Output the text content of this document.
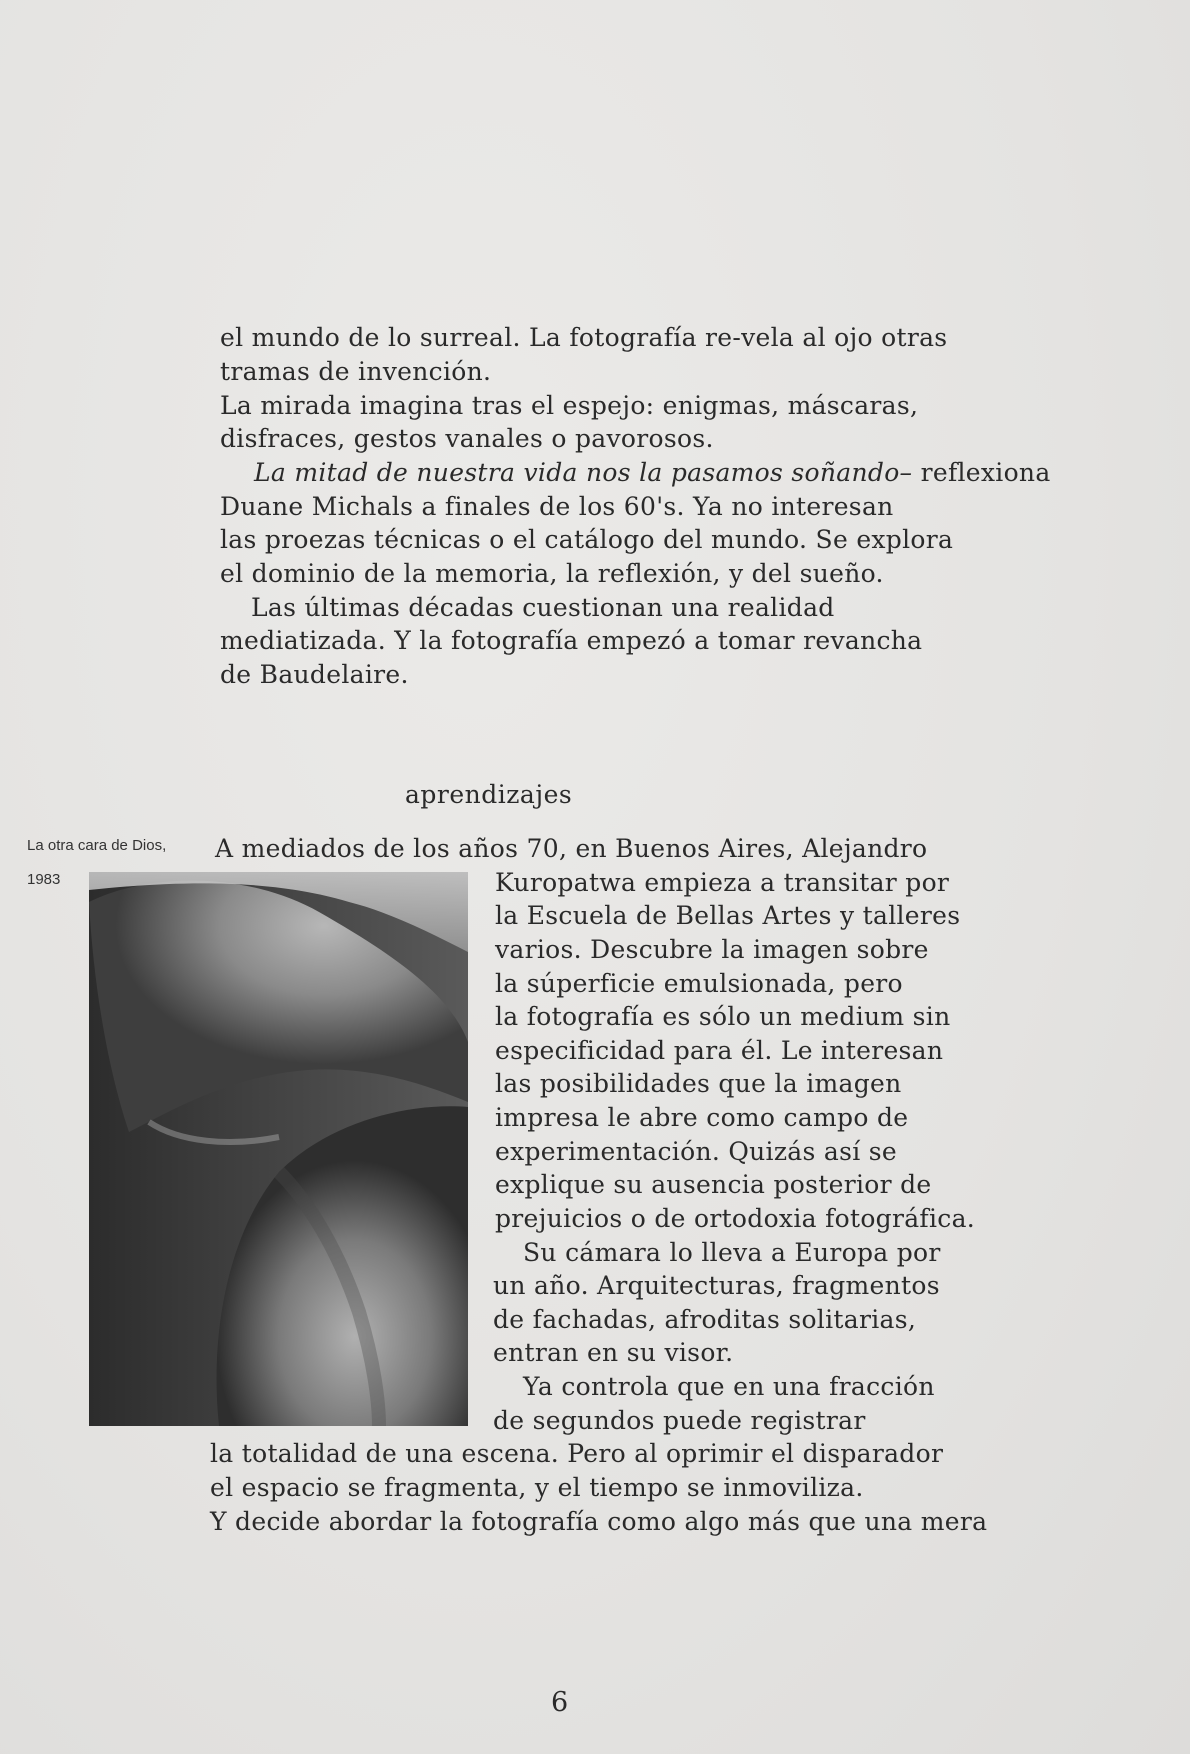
el mundo de lo surreal. La fotografía re-vela al ojo otras
tramas de invención.
La mirada imagina tras el espejo: enigmas, máscaras,
disfraces, gestos vanales o pavorosos.
La mitad de nuestra vida nos la pasamos soñando– reflexiona
Duane Michals a finales de los 60's. Ya no interesan
las proezas técnicas o el catálogo del mundo. Se explora
el dominio de la memoria, la reflexión, y del sueño.
Las últimas décadas cuestionan una realidad
mediatizada. Y la fotografía empezó a tomar revancha
de Baudelaire.
aprendizajes
La otra cara de Dios,
1983
A mediados de los años 70, en Buenos Aires, Alejandro
Kuropatwa empieza a transitar por
la Escuela de Bellas Artes y talleres
varios. Descubre la imagen sobre
la súperficie emulsionada, pero
la fotografía es sólo un medium sin
especificidad para él. Le interesan
las posibilidades que la imagen
impresa le abre como campo de
experimentación. Quizás así se
explique su ausencia posterior de
prejuicios o de ortodoxia fotográfica.
Su cámara lo lleva a Europa por
un año. Arquitecturas, fragmentos
de fachadas, afroditas solitarias,
entran en su visor.
Ya controla que en una fracción
de segundos puede registrar
la totalidad de una escena. Pero al oprimir el disparador
el espacio se fragmenta, y el tiempo se inmoviliza.
Y decide abordar la fotografía como algo más que una mera
6
